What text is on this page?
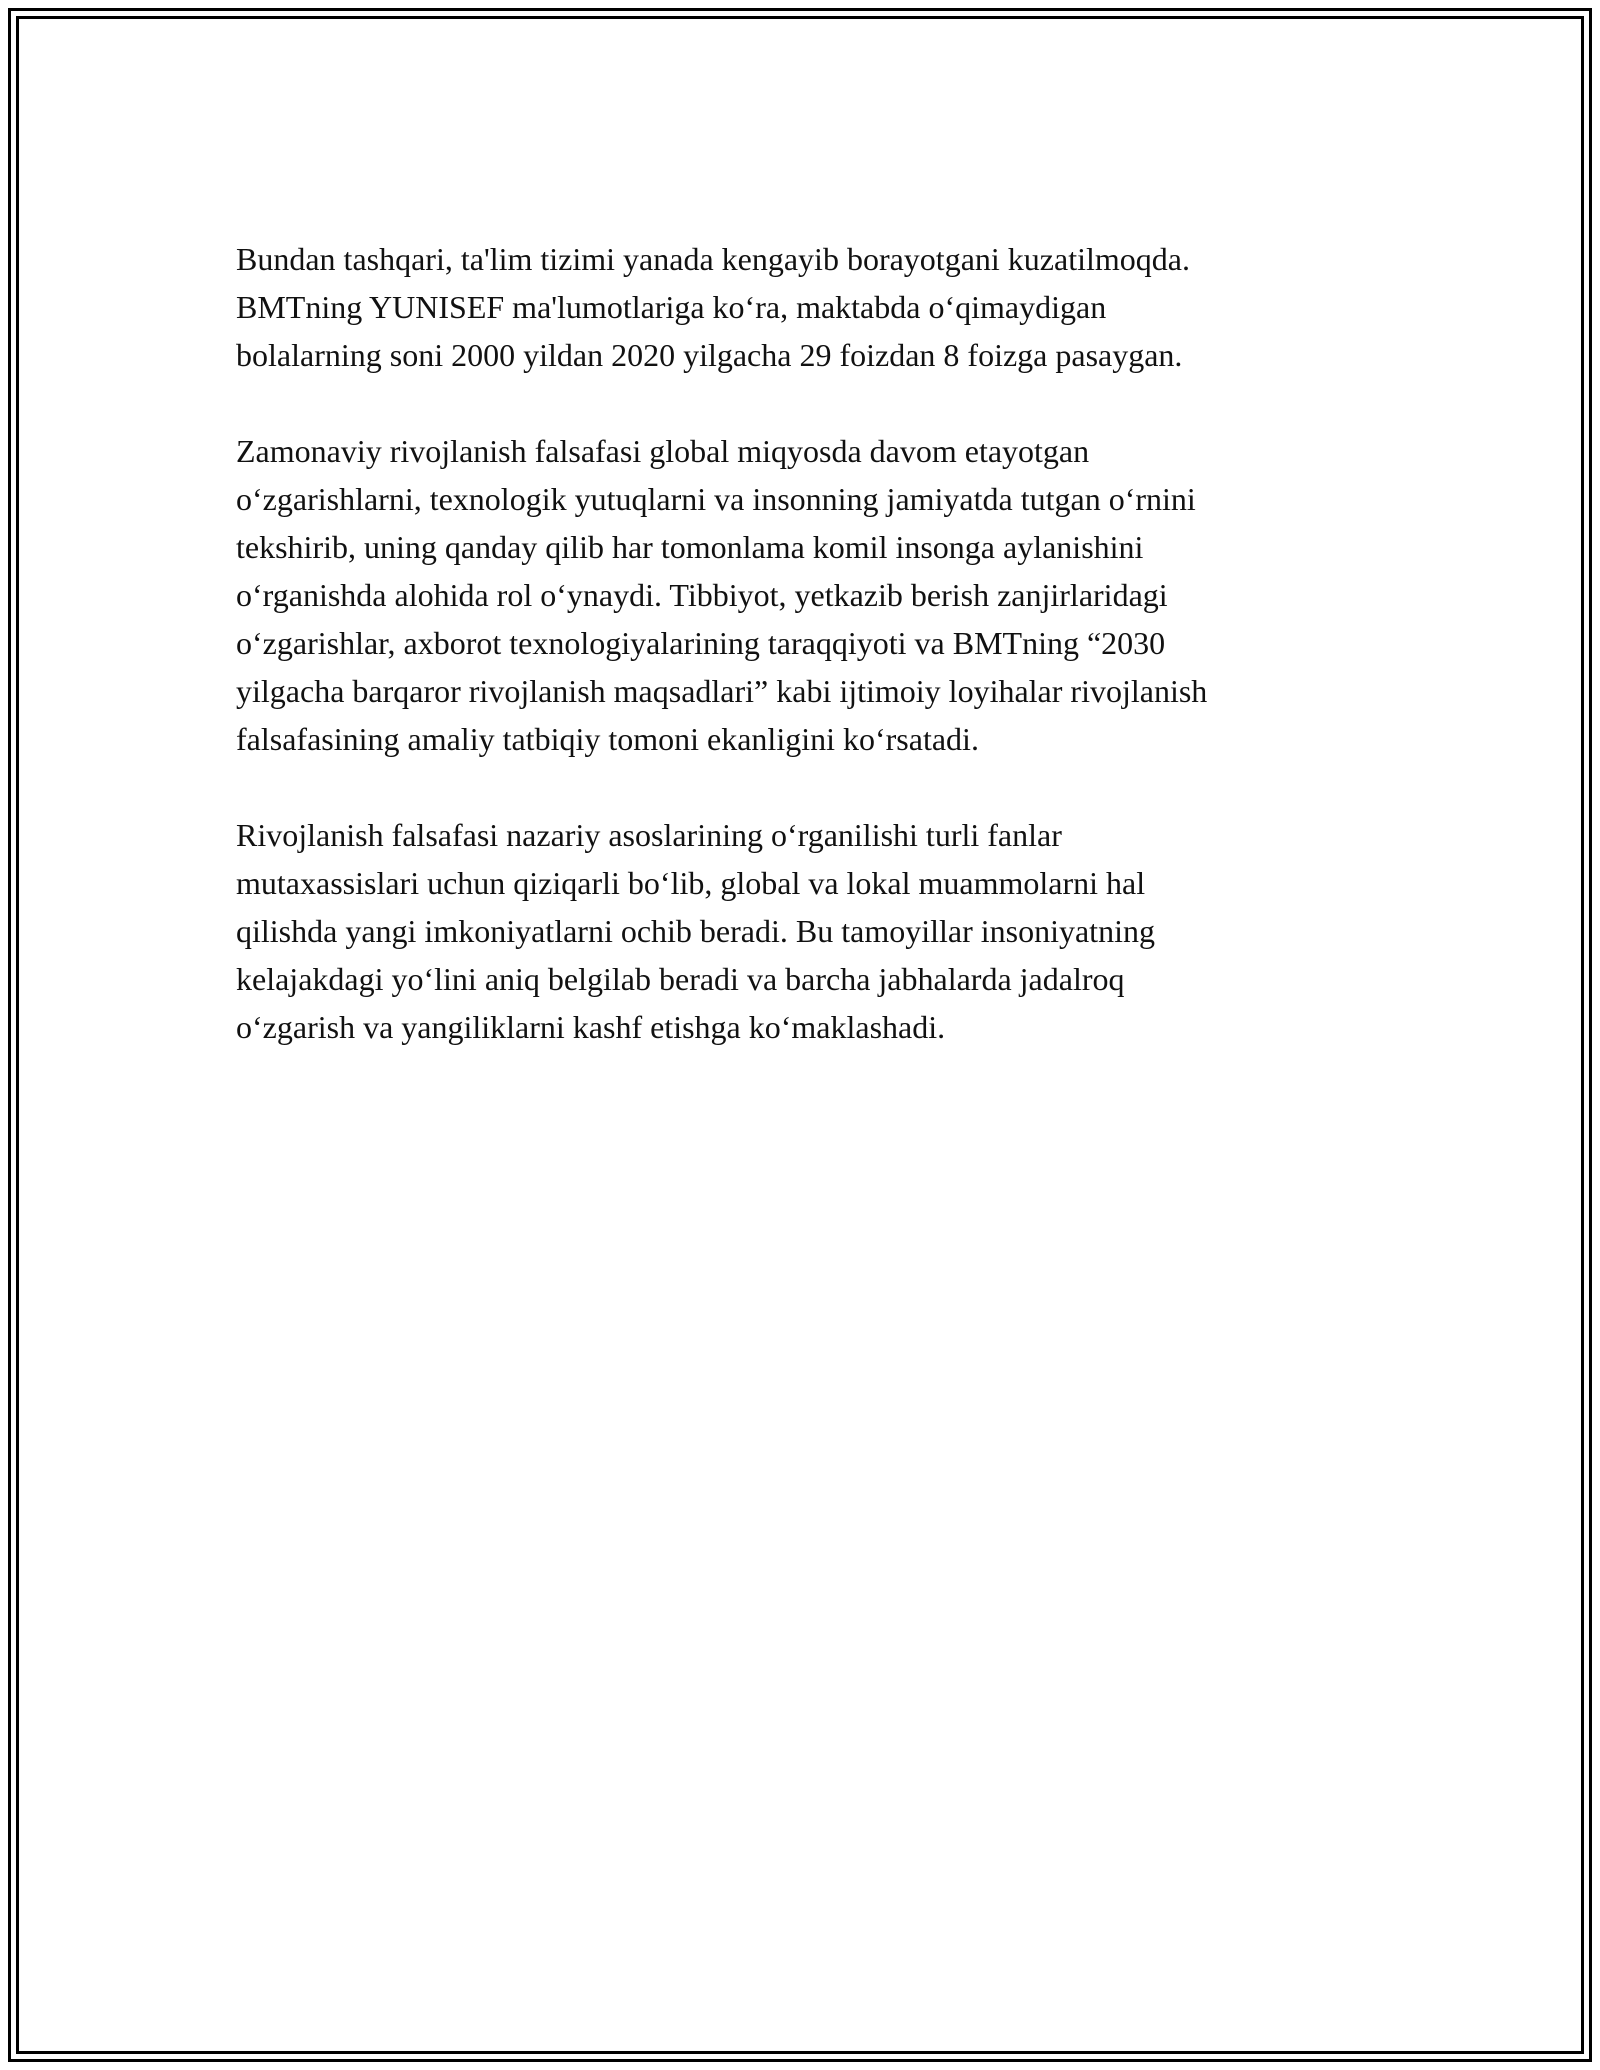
Bundan tashqari, ta'lim tizimi yanada kengayib borayotgani kuzatilmoqda.
BMTning YUNISEF ma'lumotlariga ko‘ra, maktabda o‘qimaydigan
bolalarning soni 2000 yildan 2020 yilgacha 29 foizdan 8 foizga pasaygan.

Zamonaviy rivojlanish falsafasi global miqyosda davom etayotgan
o‘zgarishlarni, texnologik yutuqlarni va insonning jamiyatda tutgan o‘rnini
tekshirib, uning qanday qilib har tomonlama komil insonga aylanishini
o‘rganishda alohida rol o‘ynaydi. Tibbiyot, yetkazib berish zanjirlaridagi
o‘zgarishlar, axborot texnologiyalarining taraqqiyoti va BMTning “2030
yilgacha barqaror rivojlanish maqsadlari” kabi ijtimoiy loyihalar rivojlanish
falsafasining amaliy tatbiqiy tomoni ekanligini ko‘rsatadi.

Rivojlanish falsafasi nazariy asoslarining o‘rganilishi turli fanlar
mutaxassislari uchun qiziqarli bo‘lib, global va lokal muammolarni hal
qilishda yangi imkoniyatlarni ochib beradi. Bu tamoyillar insoniyatning
kelajakdagi yo‘lini aniq belgilab beradi va barcha jabhalarda jadalroq
o‘zgarish va yangiliklarni kashf etishga ko‘maklashadi.
